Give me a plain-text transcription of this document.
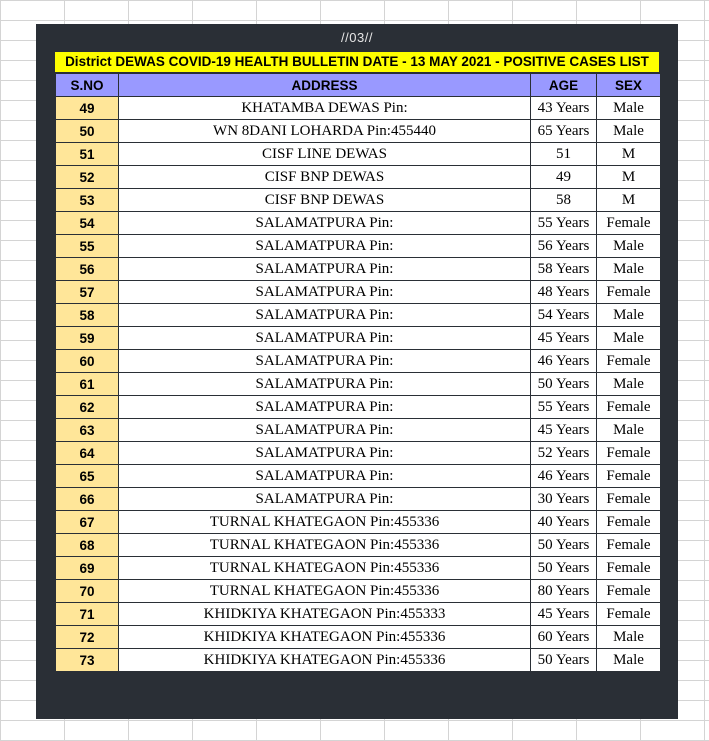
//03//
District DEWAS COVID-19 HEALTH BULLETIN DATE - 13 MAY 2021 - POSITIVE CASES LIST
S.NO	ADDRESS	AGE	SEX
49	KHATAMBA DEWAS Pin:	43 Years	Male
50	WN 8DANI LOHARDA Pin:455440	65 Years	Male
51	CISF LINE DEWAS	51	M
52	CISF BNP DEWAS	49	M
53	CISF BNP DEWAS	58	M
54	SALAMATPURA Pin:	55 Years	Female
55	SALAMATPURA Pin:	56 Years	Male
56	SALAMATPURA Pin:	58 Years	Male
57	SALAMATPURA Pin:	48 Years	Female
58	SALAMATPURA Pin:	54 Years	Male
59	SALAMATPURA Pin:	45 Years	Male
60	SALAMATPURA Pin:	46 Years	Female
61	SALAMATPURA Pin:	50 Years	Male
62	SALAMATPURA Pin:	55 Years	Female
63	SALAMATPURA Pin:	45 Years	Male
64	SALAMATPURA Pin:	52 Years	Female
65	SALAMATPURA Pin:	46 Years	Female
66	SALAMATPURA Pin:	30 Years	Female
67	TURNAL KHATEGAON Pin:455336	40 Years	Female
68	TURNAL KHATEGAON Pin:455336	50 Years	Female
69	TURNAL KHATEGAON Pin:455336	50 Years	Female
70	TURNAL KHATEGAON Pin:455336	80 Years	Female
71	KHIDKIYA KHATEGAON Pin:455333	45 Years	Female
72	KHIDKIYA KHATEGAON Pin:455336	60 Years	Male
73	KHIDKIYA KHATEGAON Pin:455336	50 Years	Male
